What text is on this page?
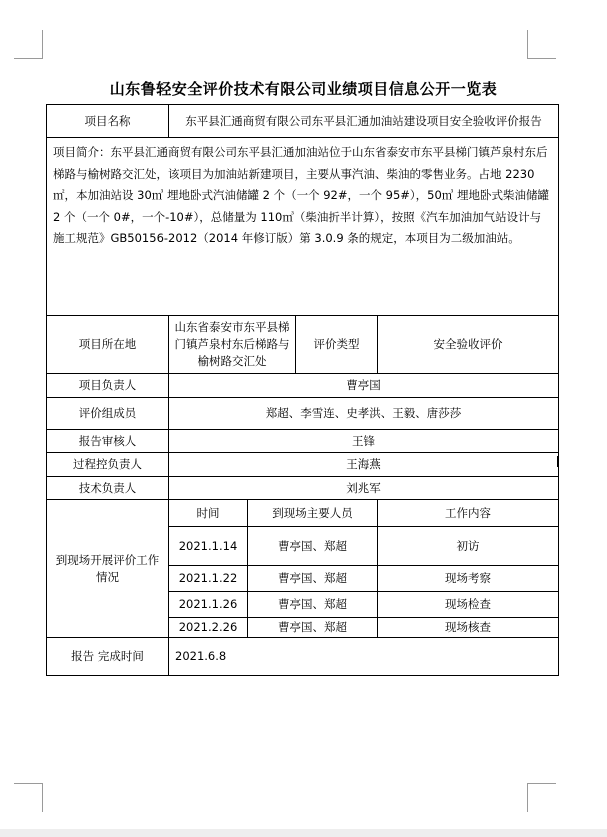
山东鲁轻安全评价技术有限公司业绩项目信息公开一览表
项目名称	东平县汇通商贸有限公司东平县汇通加油站建设项目安全验收评价报告			
项目简介：东平县汇通商贸有限公司东平县汇通加油站位于山东省泰安市东平县梯门镇芦泉村东后梯路与榆树路交汇处，该项目为加油站新建项目，主要从事汽油、柴油的零售业务。占地 2230㎡，本加油站设 30㎥ 埋地卧式汽油储罐 2 个（一个 92#，一个 95#），50㎥ 埋地卧式柴油储罐 2 个（一个 0#，一个-10#），总储量为 110㎥（柴油折半计算），按照《汽车加油加气站设计与施工规范》GB50156-2012（2014 年修订版）第 3.0.9 条的规定，本项目为二级加油站。				
项目所在地	山东省泰安市东平县梯门镇芦泉村东后梯路与榆树路交汇处		评价类型	安全验收评价
项目负责人	曹亭国			
评价组成员	郑超、李雪连、史孝洪、王毅、唐莎莎			
报告审核人	王锋			
过程控负责人	王海燕			
技术负责人	刘兆军			
到现场开展评价工作情况	时间	到现场主要人员		工作内容
	2021.1.14	曹亭国、郑超		初访
	2021.1.22	曹亭国、郑超		现场考察
	2021.1.26	曹亭国、郑超		现场检查
	2021.2.26	曹亭国、郑超		现场核查
报告 完成时间	2021.6.8			
